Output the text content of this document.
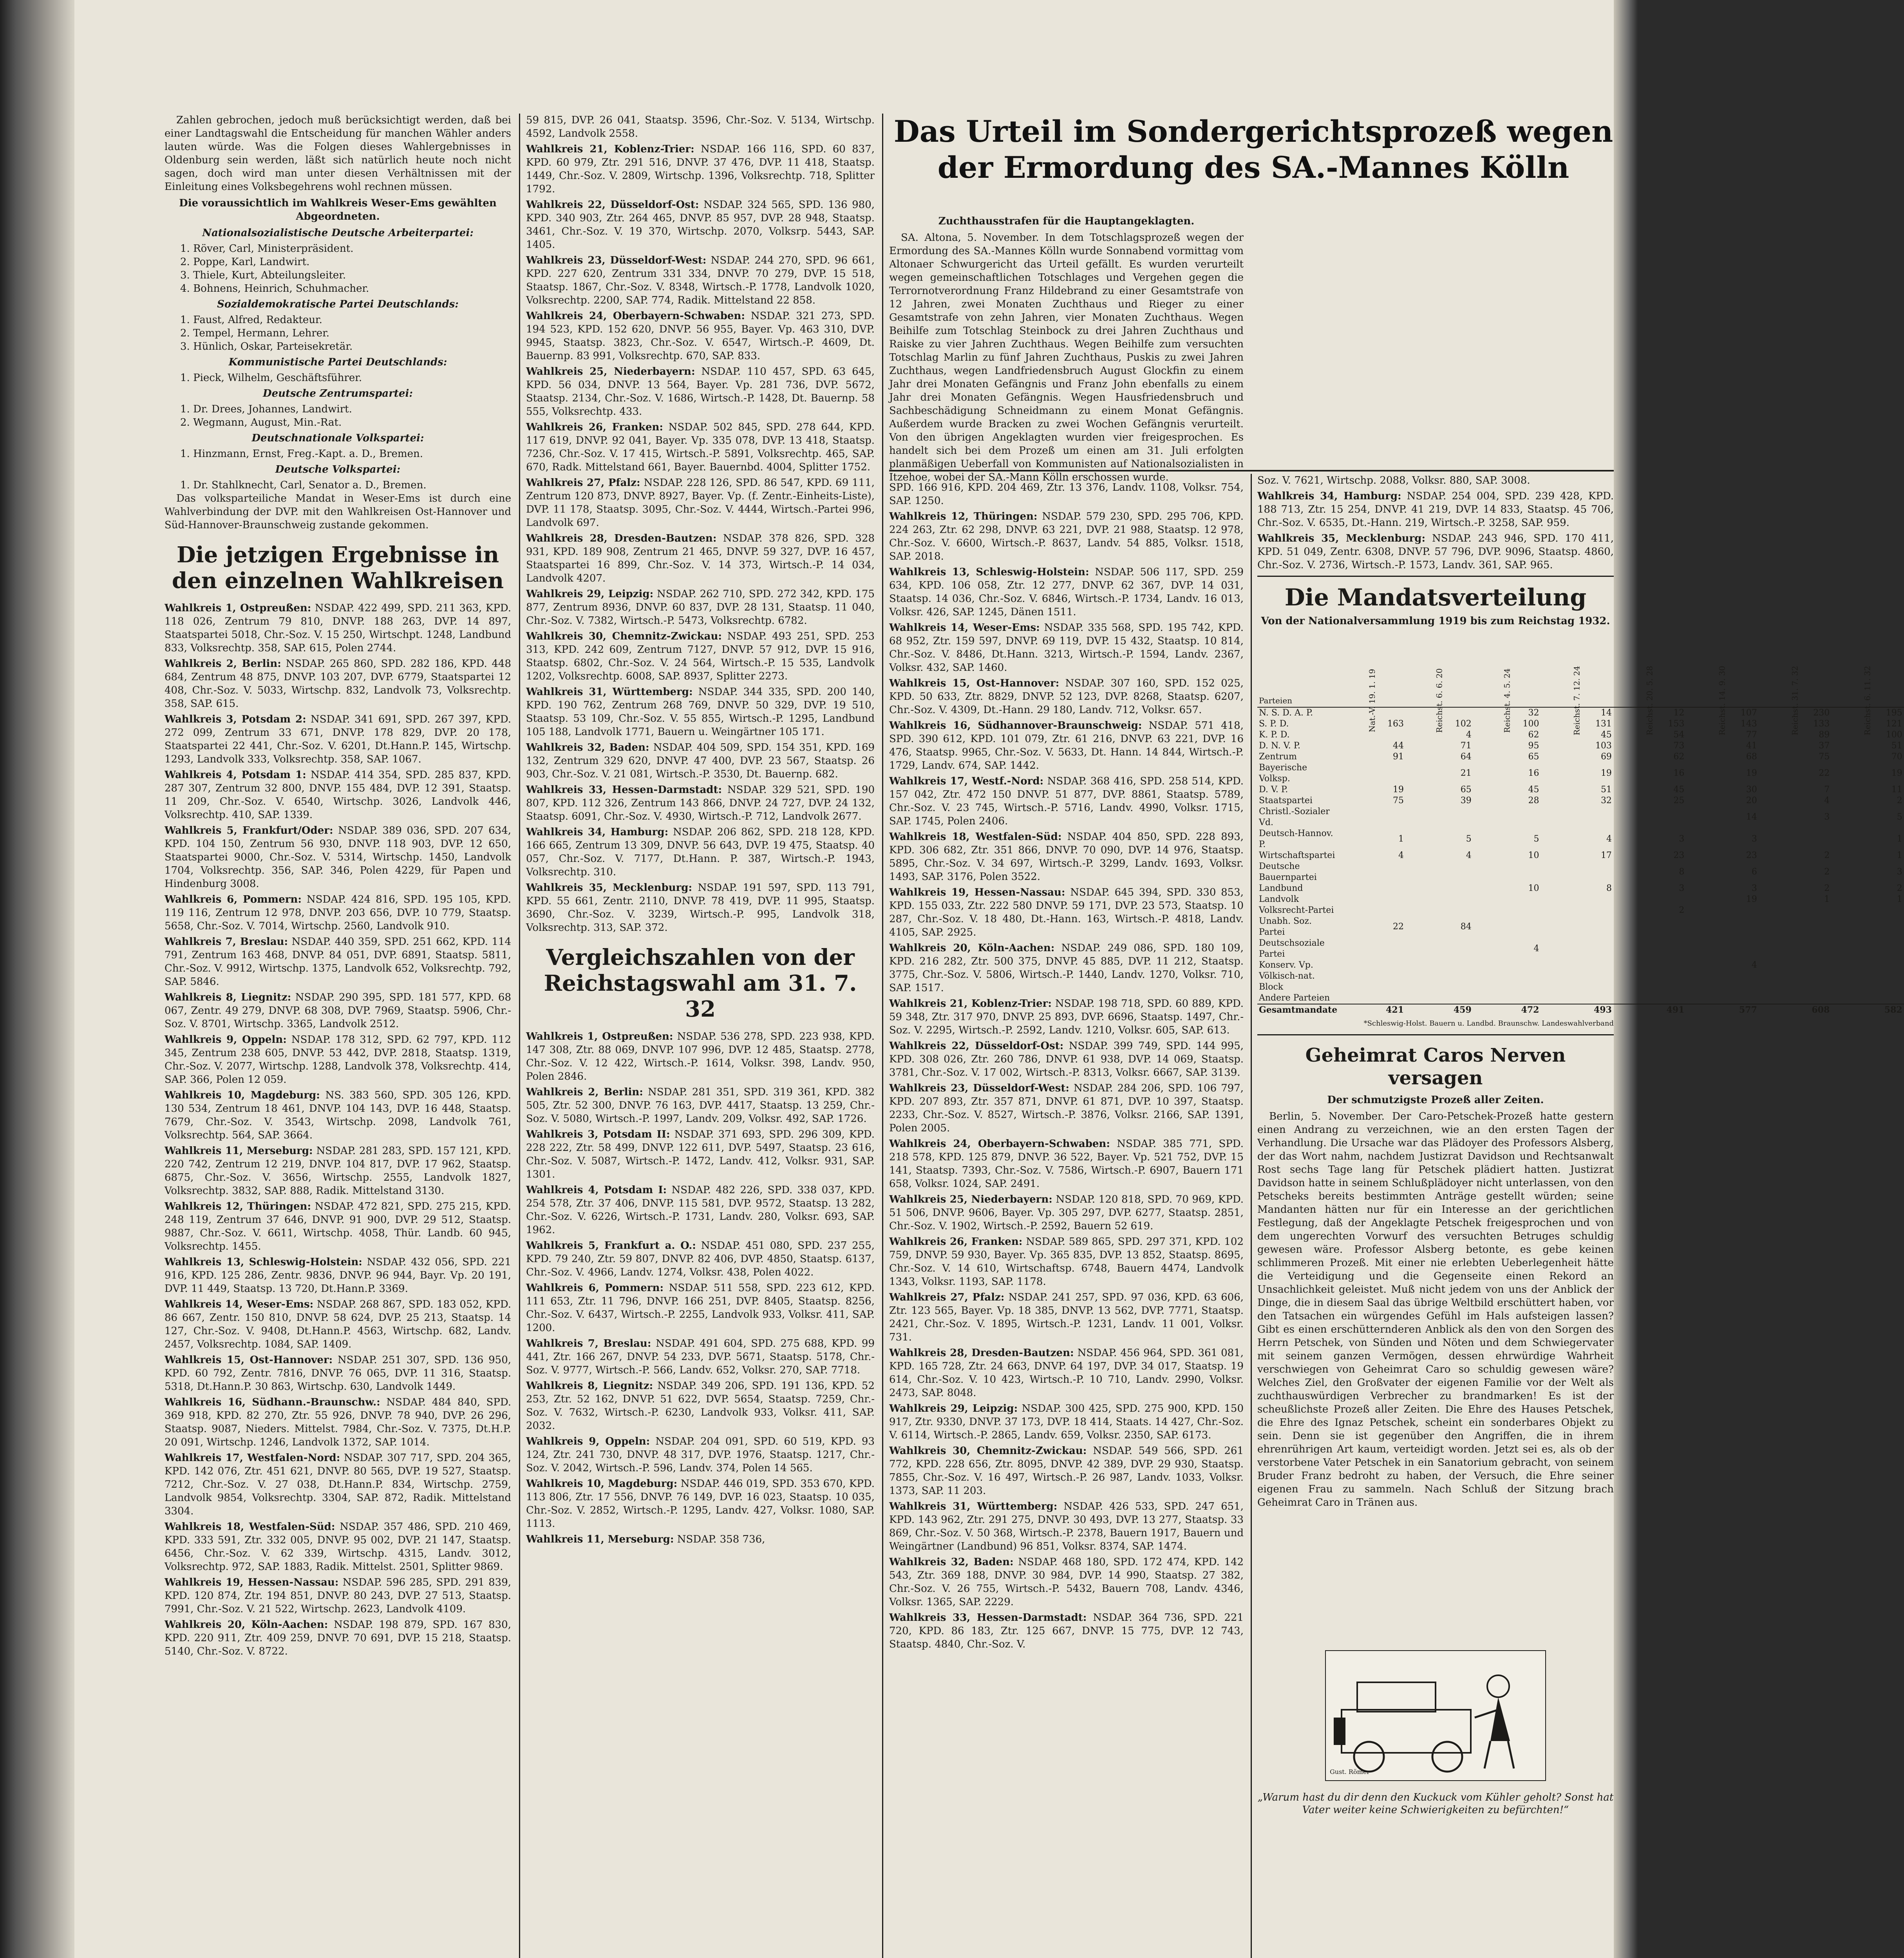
Das Urteil im Sondergerichtsprozeß wegen der Ermordung des SA.-Mannes Kölln

Zahlen gebrochen, jedoch muß berücksichtigt werden, daß bei einer Landtagswahl die Entscheidung für manchen Wähler anders lauten würde. Was die Folgen dieses Wahlergebnisses in Oldenburg sein werden, läßt sich natürlich heute noch nicht sagen, doch wird man unter diesen Verhältnissen mit der Einleitung eines Volksbegehrens wohl rechnen müssen.

Die voraussichtlich im Wahlkreis Weser-Ems gewählten Abgeordneten.

Nationalsozialistische Deutsche Arbeiterpartei:

1. Röver, Carl, Ministerpräsident.

2. Poppe, Karl, Landwirt.

3. Thiele, Kurt, Abteilungsleiter.

4. Bohnens, Heinrich, Schuhmacher.

Sozialdemokratische Partei Deutschlands:

1. Faust, Alfred, Redakteur.

2. Tempel, Hermann, Lehrer.

3. Hünlich, Oskar, Parteisekretär.

Kommunistische Partei Deutschlands:

1. Pieck, Wilhelm, Geschäftsführer.

Deutsche Zentrumspartei:

1. Dr. Drees, Johannes, Landwirt.

2. Wegmann, August, Min.-Rat.

Deutschnationale Volkspartei:

1. Hinzmann, Ernst, Freg.-Kapt. a. D., Bremen.

Deutsche Volkspartei:

1. Dr. Stahlknecht, Carl, Senator a. D., Bremen.

Das volksparteiliche Mandat in Weser-Ems ist durch eine Wahlverbindung der DVP. mit den Wahlkreisen Ost-Hannover und Süd-Hannover-Braunschweig zustande gekommen.

Die jetzigen Ergebnisse in den einzelnen Wahlkreisen

Wahlkreis 1, Ostpreußen: NSDAP. 422 499, SPD. 211 363, KPD. 118 026, Zentrum 79 810, DNVP. 188 263, DVP. 14 897, Staatspartei 5018, Chr.-Soz. V. 15 250, Wirtschpt. 1248, Landbund 833, Volksrechtp. 358, SAP. 615, Polen 2744.

Wahlkreis 2, Berlin: NSDAP. 265 860, SPD. 282 186, KPD. 448 684, Zentrum 48 875, DNVP. 103 207, DVP. 6779, Staatspartei 12 408, Chr.-Soz. V. 5033, Wirtschp. 832, Landvolk 73, Volksrechtp. 358, SAP. 615.

Wahlkreis 3, Potsdam 2: NSDAP. 341 691, SPD. 267 397, KPD. 272 099, Zentrum 33 671, DNVP. 178 829, DVP. 20 178, Staatspartei 22 441, Chr.-Soz. V. 6201, Dt.Hann.P. 145, Wirtschp. 1293, Landvolk 333, Volksrechtp. 358, SAP. 1067.

Wahlkreis 4, Potsdam 1: NSDAP. 414 354, SPD. 285 837, KPD. 287 307, Zentrum 32 800, DNVP. 155 484, DVP. 12 391, Staatsp. 11 209, Chr.-Soz. V. 6540, Wirtschp. 3026, Landvolk 446, Volksrechtp. 410, SAP. 1339.

Wahlkreis 5, Frankfurt/Oder: NSDAP. 389 036, SPD. 207 634, KPD. 104 150, Zentrum 56 930, DNVP. 118 903, DVP. 12 650, Staatspartei 9000, Chr.-Soz. V. 5314, Wirtschp. 1450, Landvolk 1704, Volksrechtp. 356, SAP. 346, Polen 4229, für Papen und Hindenburg 3008.

Wahlkreis 6, Pommern: NSDAP. 424 816, SPD. 195 105, KPD. 119 116, Zentrum 12 978, DNVP. 203 656, DVP. 10 779, Staatsp. 5658, Chr.-Soz. V. 7014, Wirtschp. 2560, Landvolk 910.

Wahlkreis 7, Breslau: NSDAP. 440 359, SPD. 251 662, KPD. 114 791, Zentrum 163 468, DNVP. 84 051, DVP. 6891, Staatsp. 5811, Chr.-Soz. V. 9912, Wirtschp. 1375, Landvolk 652, Volksrechtp. 792, SAP. 5846.

Wahlkreis 8, Liegnitz: NSDAP. 290 395, SPD. 181 577, KPD. 68 067, Zentr. 49 279, DNVP. 68 308, DVP. 7969, Staatsp. 5906, Chr.-Soz. V. 8701, Wirtschp. 3365, Landvolk 2512.

Wahlkreis 9, Oppeln: NSDAP. 178 312, SPD. 62 797, KPD. 112 345, Zentrum 238 605, DNVP. 53 442, DVP. 2818, Staatsp. 1319, Chr.-Soz. V. 2077, Wirtschp. 1288, Landvolk 378, Volksrechtp. 414, SAP. 366, Polen 12 059.

Wahlkreis 10, Magdeburg: NS. 383 560, SPD. 305 126, KPD. 130 534, Zentrum 18 461, DNVP. 104 143, DVP. 16 448, Staatsp. 7679, Chr.-Soz. V. 3543, Wirtschp. 2098, Landvolk 761, Volksrechtp. 564, SAP. 3664.

Wahlkreis 11, Merseburg: NSDAP. 281 283, SPD. 157 121, KPD. 220 742, Zentrum 12 219, DNVP. 104 817, DVP. 17 962, Staatsp. 6875, Chr.-Soz. V. 3656, Wirtschp. 2555, Landvolk 1827, Volksrechtp. 3832, SAP. 888, Radik. Mittelstand 3130.

Wahlkreis 12, Thüringen: NSDAP. 472 821, SPD. 275 215, KPD. 248 119, Zentrum 37 646, DNVP. 91 900, DVP. 29 512, Staatsp. 9887, Chr.-Soz. V. 6611, Wirtschp. 4058, Thür. Landb. 60 945, Volksrechtp. 1455.

Wahlkreis 13, Schleswig-Holstein: NSDAP. 432 056, SPD. 221 916, KPD. 125 286, Zentr. 9836, DNVP. 96 944, Bayr. Vp. 20 191, DVP. 11 449, Staatsp. 13 720, Dt.Hann.P. 3369.

Wahlkreis 14, Weser-Ems: NSDAP. 268 867, SPD. 183 052, KPD. 86 667, Zentr. 150 810, DNVP. 58 624, DVP. 25 213, Staatsp. 14 127, Chr.-Soz. V. 9408, Dt.Hann.P. 4563, Wirtschp. 682, Landv. 2457, Volksrechtp. 1084, SAP. 1409.

Wahlkreis 15, Ost-Hannover: NSDAP. 251 307, SPD. 136 950, KPD. 60 792, Zentr. 7816, DNVP. 76 065, DVP. 11 316, Staatsp. 5318, Dt.Hann.P. 30 863, Wirtschp. 630, Landvolk 1449.

Wahlkreis 16, Südhann.-Braunschw.: NSDAP. 484 840, SPD. 369 918, KPD. 82 270, Ztr. 55 926, DNVP. 78 940, DVP. 26 296, Staatsp. 9087, Nieders. Mittelst. 7984, Chr.-Soz. V. 7375, Dt.H.P. 20 091, Wirtschp. 1246, Landvolk 1372, SAP. 1014.

Wahlkreis 17, Westfalen-Nord: NSDAP. 307 717, SPD. 204 365, KPD. 142 076, Ztr. 451 621, DNVP. 80 565, DVP. 19 527, Staatsp. 7212, Chr.-Soz. V. 27 038, Dt.Hann.P. 834, Wirtschp. 2759, Landvolk 9854, Volksrechtp. 3304, SAP. 872, Radik. Mittelstand 3304.

Wahlkreis 18, Westfalen-Süd: NSDAP. 357 486, SPD. 210 469, KPD. 333 591, Ztr. 332 005, DNVP. 95 002, DVP. 21 147, Staatsp. 6456, Chr.-Soz. V. 62 339, Wirtschp. 4315, Landv. 3012, Volksrechtp. 972, SAP. 1883, Radik. Mittelst. 2501, Splitter 9869.

Wahlkreis 19, Hessen-Nassau: NSDAP. 596 285, SPD. 291 839, KPD. 120 874, Ztr. 194 851, DNVP. 80 243, DVP. 27 513, Staatsp. 7991, Chr.-Soz. V. 21 522, Wirtschp. 2623, Landvolk 4109.

Wahlkreis 20, Köln-Aachen: NSDAP. 198 879, SPD. 167 830, KPD. 220 911, Ztr. 409 259, DNVP. 70 691, DVP. 15 218, Staatsp. 5140, Chr.-Soz. V. 8722.

59 815, DVP. 26 041, Staatsp. 3596, Chr.-Soz. V. 5134, Wirtschp. 4592, Landvolk 2558.

Wahlkreis 21, Koblenz-Trier: NSDAP. 166 116, SPD. 60 837, KPD. 60 979, Ztr. 291 516, DNVP. 37 476, DVP. 11 418, Staatsp. 1449, Chr.-Soz. V. 2809, Wirtschp. 1396, Volksrechtp. 718, Splitter 1792.

Wahlkreis 22, Düsseldorf-Ost: NSDAP. 324 565, SPD. 136 980, KPD. 340 903, Ztr. 264 465, DNVP. 85 957, DVP. 28 948, Staatsp. 3461, Chr.-Soz. V. 19 370, Wirtschp. 2070, Volksrp. 5443, SAP. 1405.

Wahlkreis 23, Düsseldorf-West: NSDAP. 244 270, SPD. 96 661, KPD. 227 620, Zentrum 331 334, DNVP. 70 279, DVP. 15 518, Staatsp. 1867, Chr.-Soz. V. 8348, Wirtsch.-P. 1778, Landvolk 1020, Volksrechtp. 2200, SAP. 774, Radik. Mittelstand 22 858.

Wahlkreis 24, Oberbayern-Schwaben: NSDAP. 321 273, SPD. 194 523, KPD. 152 620, DNVP. 56 955, Bayer. Vp. 463 310, DVP. 9945, Staatsp. 3823, Chr.-Soz. V. 6547, Wirtsch.-P. 4609, Dt. Bauernp. 83 991, Volksrechtp. 670, SAP. 833.

Wahlkreis 25, Niederbayern: NSDAP. 110 457, SPD. 63 645, KPD. 56 034, DNVP. 13 564, Bayer. Vp. 281 736, DVP. 5672, Staatsp. 2134, Chr.-Soz. V. 1686, Wirtsch.-P. 1428, Dt. Bauernp. 58 555, Volksrechtp. 433.

Wahlkreis 26, Franken: NSDAP. 502 845, SPD. 278 644, KPD. 117 619, DNVP. 92 041, Bayer. Vp. 335 078, DVP. 13 418, Staatsp. 7236, Chr.-Soz. V. 17 415, Wirtsch.-P. 5891, Volksrechtp. 465, SAP. 670, Radk. Mittelstand 661, Bayer. Bauernbd. 4004, Splitter 1752.

Wahlkreis 27, Pfalz: NSDAP. 228 126, SPD. 86 547, KPD. 69 111, Zentrum 120 873, DNVP. 8927, Bayer. Vp. (f. Zentr.-Einheits-Liste), DVP. 11 178, Staatsp. 3095, Chr.-Soz. V. 4444, Wirtsch.-Partei 996, Landvolk 697.

Wahlkreis 28, Dresden-Bautzen: NSDAP. 378 826, SPD. 328 931, KPD. 189 908, Zentrum 21 465, DNVP. 59 327, DVP. 16 457, Staatspartei 16 899, Chr.-Soz. V. 14 373, Wirtsch.-P. 14 034, Landvolk 4207.

Wahlkreis 29, Leipzig: NSDAP. 262 710, SPD. 272 342, KPD. 175 877, Zentrum 8936, DNVP. 60 837, DVP. 28 131, Staatsp. 11 040, Chr.-Soz. V. 7382, Wirtsch.-P. 5473, Volksrechtp. 6782.

Wahlkreis 30, Chemnitz-Zwickau: NSDAP. 493 251, SPD. 253 313, KPD. 242 609, Zentrum 7127, DNVP. 57 912, DVP. 15 916, Staatsp. 6802, Chr.-Soz. V. 24 564, Wirtsch.-P. 15 535, Landvolk 1202, Volksrechtp. 6008, SAP. 8937, Splitter 2273.

Wahlkreis 31, Württemberg: NSDAP. 344 335, SPD. 200 140, KPD. 190 762, Zentrum 268 769, DNVP. 50 329, DVP. 19 510, Staatsp. 53 109, Chr.-Soz. V. 55 855, Wirtsch.-P. 1295, Landbund 105 188, Landvolk 1771, Bauern u. Weingärtner 105 171.

Wahlkreis 32, Baden: NSDAP. 404 509, SPD. 154 351, KPD. 169 132, Zentrum 329 620, DNVP. 47 400, DVP. 23 567, Staatsp. 26 903, Chr.-Soz. V. 21 081, Wirtsch.-P. 3530, Dt. Bauernp. 682.

Wahlkreis 33, Hessen-Darmstadt: NSDAP. 329 521, SPD. 190 807, KPD. 112 326, Zentrum 143 866, DNVP. 24 727, DVP. 24 132, Staatsp. 6091, Chr.-Soz. V. 4930, Wirtsch.-P. 712, Landvolk 2677.

Wahlkreis 34, Hamburg: NSDAP. 206 862, SPD. 218 128, KPD. 166 665, Zentrum 13 309, DNVP. 56 643, DVP. 19 475, Staatsp. 40 057, Chr.-Soz. V. 7177, Dt.Hann. P. 387, Wirtsch.-P. 1943, Volksrechtp. 310.

Wahlkreis 35, Mecklenburg: NSDAP. 191 597, SPD. 113 791, KPD. 55 661, Zentr. 2110, DNVP. 78 419, DVP. 11 995, Staatsp. 3690, Chr.-Soz. V. 3239, Wirtsch.-P. 995, Landvolk 318, Volksrechtp. 313, SAP. 372.

Vergleichszahlen von der Reichstagswahl am 31. 7. 32

Wahlkreis 1, Ostpreußen: NSDAP. 536 278, SPD. 223 938, KPD. 147 308, Ztr. 88 069, DNVP. 107 996, DVP. 12 485, Staatsp. 2778, Chr.-Soz. V. 12 422, Wirtsch.-P. 1614, Volksr. 398, Landv. 950, Polen 2846.

Wahlkreis 2, Berlin: NSDAP. 281 351, SPD. 319 361, KPD. 382 505, Ztr. 52 300, DNVP. 76 163, DVP. 4417, Staatsp. 13 259, Chr.-Soz. V. 5080, Wirtsch.-P. 1997, Landv. 209, Volksr. 492, SAP. 1726.

Wahlkreis 3, Potsdam II: NSDAP. 371 693, SPD. 296 309, KPD. 228 222, Ztr. 58 499, DNVP. 122 611, DVP. 5497, Staatsp. 23 616, Chr.-Soz. V. 5087, Wirtsch.-P. 1472, Landv. 412, Volksr. 931, SAP. 1301.

Wahlkreis 4, Potsdam I: NSDAP. 482 226, SPD. 338 037, KPD. 254 578, Ztr. 37 406, DNVP. 115 581, DVP. 9572, Staatsp. 13 282, Chr.-Soz. V. 6226, Wirtsch.-P. 1731, Landv. 280, Volksr. 693, SAP. 1962.

Wahlkreis 5, Frankfurt a. O.: NSDAP. 451 080, SPD. 237 255, KPD. 79 240, Ztr. 59 807, DNVP. 82 406, DVP. 4850, Staatsp. 6137, Chr.-Soz. V. 4966, Landv. 1274, Volksr. 438, Polen 4022.

Wahlkreis 6, Pommern: NSDAP. 511 558, SPD. 223 612, KPD. 111 653, Ztr. 11 796, DNVP. 166 251, DVP. 8405, Staatsp. 8256, Chr.-Soz. V. 6437, Wirtsch.-P. 2255, Landvolk 933, Volksr. 411, SAP. 1200.

Wahlkreis 7, Breslau: NSDAP. 491 604, SPD. 275 688, KPD. 99 441, Ztr. 166 267, DNVP. 54 233, DVP. 5671, Staatsp. 5178, Chr.-Soz. V. 9777, Wirtsch.-P. 566, Landv. 652, Volksr. 270, SAP. 7718.

Wahlkreis 8, Liegnitz: NSDAP. 349 206, SPD. 191 136, KPD. 52 253, Ztr. 52 162, DNVP. 51 622, DVP. 5654, Staatsp. 7259, Chr.-Soz. V. 7632, Wirtsch.-P. 6230, Landvolk 933, Volksr. 411, SAP. 2032.

Wahlkreis 9, Oppeln: NSDAP. 204 091, SPD. 60 519, KPD. 93 124, Ztr. 241 730, DNVP. 48 317, DVP. 1976, Staatsp. 1217, Chr.-Soz. V. 2042, Wirtsch.-P. 596, Landv. 374, Polen 14 565.

Wahlkreis 10, Magdeburg: NSDAP. 446 019, SPD. 353 670, KPD. 113 806, Ztr. 17 556, DNVP. 76 149, DVP. 16 023, Staatsp. 10 035, Chr.-Soz. V. 2852, Wirtsch.-P. 1295, Landv. 427, Volksr. 1080, SAP. 1113.

Wahlkreis 11, Merseburg: NSDAP. 358 736,

Zuchthausstrafen für die Hauptangeklagten.

SA. Altona, 5. November. In dem Totschlagsprozeß wegen der Ermordung des SA.-Mannes Kölln wurde Sonnabend vormittag vom Altonaer Schwurgericht das Urteil gefällt. Es wurden verurteilt wegen gemeinschaftlichen Totschlages und Vergehen gegen die Terrornotverordnung Franz Hildebrand zu einer Gesamtstrafe von 12 Jahren, zwei Monaten Zuchthaus und Rieger zu einer Gesamtstrafe von zehn Jahren, vier Monaten Zuchthaus. Wegen Beihilfe zum Totschlag Steinbock zu drei Jahren Zuchthaus und Raiske zu vier Jahren Zuchthaus. Wegen Beihilfe zum versuchten Totschlag Marlin zu fünf Jahren Zuchthaus, Puskis zu zwei Jahren Zuchthaus, wegen Landfriedensbruch August Glockfin zu einem Jahr drei Monaten Gefängnis und Franz John ebenfalls zu einem Jahr drei Monaten Gefängnis. Wegen Hausfriedensbruch und Sachbeschädigung Schneidmann zu einem Monat Gefängnis. Außerdem wurde Bracken zu zwei Wochen Gefängnis verurteilt. Von den übrigen Angeklagten wurden vier freigesprochen. Es handelt sich bei dem Prozeß um einen am 31. Juli erfolgten planmäßigen Ueberfall von Kommunisten auf Nationalsozialisten in Itzehoe, wobei der SA.-Mann Kölln erschossen wurde.

SPD. 166 916, KPD. 204 469, Ztr. 13 376, Landv. 1108, Volksr. 754, SAP. 1250.

Wahlkreis 12, Thüringen: NSDAP. 579 230, SPD. 295 706, KPD. 224 263, Ztr. 62 298, DNVP. 63 221, DVP. 21 988, Staatsp. 12 978, Chr.-Soz. V. 6600, Wirtsch.-P. 8637, Landv. 54 885, Volksr. 1518, SAP. 2018.

Wahlkreis 13, Schleswig-Holstein: NSDAP. 506 117, SPD. 259 634, KPD. 106 058, Ztr. 12 277, DNVP. 62 367, DVP. 14 031, Staatsp. 14 036, Chr.-Soz. V. 6846, Wirtsch.-P. 1734, Landv. 16 013, Volksr. 426, SAP. 1245, Dänen 1511.

Wahlkreis 14, Weser-Ems: NSDAP. 335 568, SPD. 195 742, KPD. 68 952, Ztr. 159 597, DNVP. 69 119, DVP. 15 432, Staatsp. 10 814, Chr.-Soz. V. 8486, Dt.Hann. 3213, Wirtsch.-P. 1594, Landv. 2367, Volksr. 432, SAP. 1460.

Wahlkreis 15, Ost-Hannover: NSDAP. 307 160, SPD. 152 025, KPD. 50 633, Ztr. 8829, DNVP. 52 123, DVP. 8268, Staatsp. 6207, Chr.-Soz. V. 4309, Dt.-Hann. 29 180, Landv. 712, Volksr. 657.

Wahlkreis 16, Südhannover-Braunschweig: NSDAP. 571 418, SPD. 390 612, KPD. 101 079, Ztr. 61 216, DNVP. 63 221, DVP. 16 476, Staatsp. 9965, Chr.-Soz. V. 5633, Dt. Hann. 14 844, Wirtsch.-P. 1729, Landv. 674, SAP. 1442.

Wahlkreis 17, Westf.-Nord: NSDAP. 368 416, SPD. 258 514, KPD. 157 042, Ztr. 472 150 DNVP. 51 877, DVP. 8861, Staatsp. 5789, Chr.-Soz. V. 23 745, Wirtsch.-P. 5716, Landv. 4990, Volksr. 1715, SAP. 1745, Polen 2406.

Wahlkreis 18, Westfalen-Süd: NSDAP. 404 850, SPD. 228 893, KPD. 306 682, Ztr. 351 866, DNVP. 70 090, DVP. 14 976, Staatsp. 5895, Chr.-Soz. V. 34 697, Wirtsch.-P. 3299, Landv. 1693, Volksr. 1493, SAP. 3176, Polen 3522.

Wahlkreis 19, Hessen-Nassau: NSDAP. 645 394, SPD. 330 853, KPD. 155 033, Ztr. 222 580 DNVP. 59 171, DVP. 23 573, Staatsp. 10 287, Chr.-Soz. V. 18 480, Dt.-Hann. 163, Wirtsch.-P. 4818, Landv. 4105, SAP. 2925.

Wahlkreis 20, Köln-Aachen: NSDAP. 249 086, SPD. 180 109, KPD. 216 282, Ztr. 500 375, DNVP. 45 885, DVP. 11 212, Staatsp. 3775, Chr.-Soz. V. 5806, Wirtsch.-P. 1440, Landv. 1270, Volksr. 710, SAP. 1517.

Wahlkreis 21, Koblenz-Trier: NSDAP. 198 718, SPD. 60 889, KPD. 59 348, Ztr. 317 970, DNVP. 25 893, DVP. 6696, Staatsp. 1497, Chr.-Soz. V. 2295, Wirtsch.-P. 2592, Landv. 1210, Volksr. 605, SAP. 613.

Wahlkreis 22, Düsseldorf-Ost: NSDAP. 399 749, SPD. 144 995, KPD. 308 026, Ztr. 260 786, DNVP. 61 938, DVP. 14 069, Staatsp. 3781, Chr.-Soz. V. 17 002, Wirtsch.-P. 8313, Volksr. 6667, SAP. 3139.

Wahlkreis 23, Düsseldorf-West: NSDAP. 284 206, SPD. 106 797, KPD. 207 893, Ztr. 357 871, DNVP. 61 871, DVP. 10 397, Staatsp. 2233, Chr.-Soz. V. 8527, Wirtsch.-P. 3876, Volksr. 2166, SAP. 1391, Polen 2005.

Wahlkreis 24, Oberbayern-Schwaben: NSDAP. 385 771, SPD. 218 578, KPD. 125 879, DNVP. 36 522, Bayer. Vp. 521 752, DVP. 15 141, Staatsp. 7393, Chr.-Soz. V. 7586, Wirtsch.-P. 6907, Bauern 171 658, Volksr. 1024, SAP. 2491.

Wahlkreis 25, Niederbayern: NSDAP. 120 818, SPD. 70 969, KPD. 51 506, DNVP. 9606, Bayer. Vp. 305 297, DVP. 6277, Staatsp. 2851, Chr.-Soz. V. 1902, Wirtsch.-P. 2592, Bauern 52 619.

Wahlkreis 26, Franken: NSDAP. 589 865, SPD. 297 371, KPD. 102 759, DNVP. 59 930, Bayer. Vp. 365 835, DVP. 13 852, Staatsp. 8695, Chr.-Soz. V. 14 610, Wirtschaftsp. 6748, Bauern 4474, Landvolk 1343, Volksr. 1193, SAP. 1178.

Wahlkreis 27, Pfalz: NSDAP. 241 257, SPD. 97 036, KPD. 63 606, Ztr. 123 565, Bayer. Vp. 18 385, DNVP. 13 562, DVP. 7771, Staatsp. 2421, Chr.-Soz. V. 1895, Wirtsch.-P. 1231, Landv. 11 001, Volksr. 731.

Wahlkreis 28, Dresden-Bautzen: NSDAP. 456 964, SPD. 361 081, KPD. 165 728, Ztr. 24 663, DNVP. 64 197, DVP. 34 017, Staatsp. 19 614, Chr.-Soz. V. 10 423, Wirtsch.-P. 10 710, Landv. 2990, Volksr. 2473, SAP. 8048.

Wahlkreis 29, Leipzig: NSDAP. 300 425, SPD. 275 900, KPD. 150 917, Ztr. 9330, DNVP. 37 173, DVP. 18 414, Staats. 14 427, Chr.-Soz. V. 6114, Wirtsch.-P. 2865, Landv. 659, Volksr. 2350, SAP. 6173.

Wahlkreis 30, Chemnitz-Zwickau: NSDAP. 549 566, SPD. 261 772, KPD. 228 656, Ztr. 8095, DNVP. 42 389, DVP. 29 930, Staatsp. 7855, Chr.-Soz. V. 16 497, Wirtsch.-P. 26 987, Landv. 1033, Volksr. 1373, SAP. 11 203.

Wahlkreis 31, Württemberg: NSDAP. 426 533, SPD. 247 651, KPD. 143 962, Ztr. 291 275, DNVP. 30 493, DVP. 13 277, Staatsp. 33 869, Chr.-Soz. V. 50 368, Wirtsch.-P. 2378, Bauern 1917, Bauern und Weingärtner (Landbund) 96 851, Volksr. 8374, SAP. 1474.

Wahlkreis 32, Baden: NSDAP. 468 180, SPD. 172 474, KPD. 142 543, Ztr. 369 188, DNVP. 30 984, DVP. 14 990, Staatsp. 27 382, Chr.-Soz. V. 26 755, Wirtsch.-P. 5432, Bauern 708, Landv. 4346, Volksr. 1365, SAP. 2229.

Wahlkreis 33, Hessen-Darmstadt: NSDAP. 364 736, SPD. 221 720, KPD. 86 183, Ztr. 125 667, DNVP. 15 775, DVP. 12 743, Staatsp. 4840, Chr.-Soz. V.

Soz. V. 7621, Wirtschp. 2088, Volksr. 880, SAP. 3008.

Wahlkreis 34, Hamburg: NSDAP. 254 004, SPD. 239 428, KPD. 188 713, Ztr. 15 254, DNVP. 41 219, DVP. 14 833, Staatsp. 45 706, Chr.-Soz. V. 6535, Dt.-Hann. 219, Wirtsch.-P. 3258, SAP. 959.

Wahlkreis 35, Mecklenburg: NSDAP. 243 946, SPD. 170 411, KPD. 51 049, Zentr. 6308, DNVP. 57 796, DVP. 9096, Staatsp. 4860, Chr.-Soz. V. 2736, Wirtsch.-P. 1573, Landv. 361, SAP. 965.

Die Mandatsverteilung
Von der Nationalversammlung 1919 bis zum Reichstag 1932.
Parteien	Nat.-V. 19. 1. 19	Reichst. 6. 6. 20	Reichst. 4. 5. 24	Reichst. 7. 12. 24	Reichst. 20. 5. 28	Reichst. 14. 9. 30	Reichst. 31. 7. 32	Reichst. 6. 11. 32
N. S. D. A. P.			32	14	12	107	230	195
S. P. D.	163	102	100	131	153	143	133	121
K. P. D.		4	62	45	54	77	89	100
D. N. V. P.	44	71	95	103	73	41	37	51
Zentrum	91	64	65	69	62	68	75	70
Bayerische Volksp.		21	16	19	16	19	22	19
D. V. P.	19	65	45	51	45	30	7	11
Staatspartei	75	39	28	32	25	20	4	2
Christl.-Sozialer Vd.						14	3	5
Deutsch-Hannov. P.	1	5	5	4	3	3		1
Wirtschaftspartei	4	4	10	17	23	23	2	1
Deutsche Bauernpartei					8	6	2	3
Landbund			10	8	3	3	2	2
Landvolk						19	1	1
Volksrecht-Partei					2			
Unabh. Soz. Partei	22	84						
Deutschsoziale Partei			4					
Konserv. Vp.						4		
Völkisch-nat. Block								
Andere Parteien								
Gesamtmandate	421	459	472	493	491	577	608	582
*Schleswig-Holst. Bauern u. Landbd. Braunschw. Landeswahlverband
Geheimrat Caros Nerven versagen
Der schmutzigste Prozeß aller Zeiten.

Berlin, 5. November. Der Caro-Petschek-Prozeß hatte gestern einen Andrang zu verzeichnen, wie an den ersten Tagen der Verhandlung. Die Ursache war das Plädoyer des Professors Alsberg, der das Wort nahm, nachdem Justizrat Davidson und Rechtsanwalt Rost sechs Tage lang für Petschek plädiert hatten. Justizrat Davidson hatte in seinem Schlußplädoyer nicht unterlassen, von den Petscheks bereits bestimmten Anträge gestellt würden; seine Mandanten hätten nur für ein Interesse an der gerichtlichen Festlegung, daß der Angeklagte Petschek freigesprochen und von dem ungerechten Vorwurf des versuchten Betruges schuldig gewesen wäre. Professor Alsberg betonte, es gebe keinen schlimmeren Prozeß. Mit einer nie erlebten Ueberlegenheit hätte die Verteidigung und die Gegenseite einen Rekord an Unsachlichkeit geleistet. Muß nicht jedem von uns der Anblick der Dinge, die in diesem Saal das übrige Weltbild erschüttert haben, vor den Tatsachen ein würgendes Gefühl im Hals aufsteigen lassen? Gibt es einen erschütternderen Anblick als den von den Sorgen des Herrn Petschek, von Sünden und Nöten und dem Schwiegervater mit seinem ganzen Vermögen, dessen ehrwürdige Wahrheit verschwiegen von Geheimrat Caro so schuldig gewesen wäre? Welches Ziel, den Großvater der eigenen Familie vor der Welt als zuchthauswürdigen Verbrecher zu brandmarken! Es ist der scheußlichste Prozeß aller Zeiten. Die Ehre des Hauses Petschek, die Ehre des Ignaz Petschek, scheint ein sonderbares Objekt zu sein. Denn sie ist gegenüber den Angriffen, die in ihrem ehrenrührigen Art kaum, verteidigt worden. Jetzt sei es, als ob der verstorbene Vater Petschek in ein Sanatorium gebracht, von seinem Bruder Franz bedroht zu haben, der Versuch, die Ehre seiner eigenen Frau zu sammeln. Nach Schluß der Sitzung brach Geheimrat Caro in Tränen aus.

Gust. Römer

„Warum hast du dir denn den Kuckuck vom Kühler geholt? Sonst hat Vater weiter keine Schwierigkeiten zu befürchten!“
